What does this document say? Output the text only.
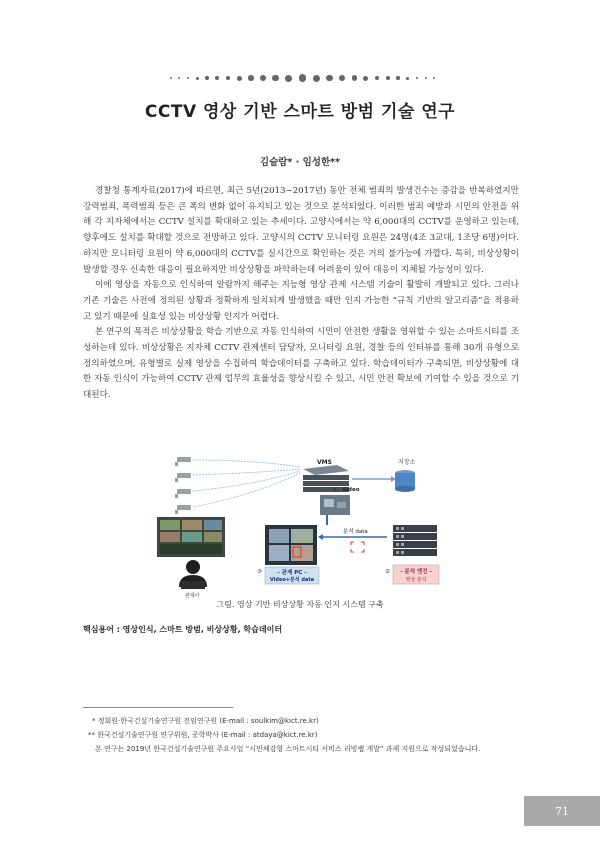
CCTV 영상 기반 스마트 방범 기술 연구
김슬람* · 임성한**

경찰청 통계자료(2017)에 따르면, 최근 5년(2013~2017년) 동안 전체 범죄의 발생건수는 증감을 반복하였지만 강력범죄, 폭력범죄 등은 큰 폭의 변화 없이 유지되고 있는 것으로 분석되었다. 이러한 범죄 예방과 시민의 안전을 위해 각 지자체에서는 CCTV 설치를 확대하고 있는 추세이다. 고양시에서는 약 6,000대의 CCTV를 운영하고 있는데, 향후에도 설치를 확대할 것으로 전망하고 있다. 고양시의 CCTV 모니터링 요원은 24명(4조 3교대, 1조당 6명)이다. 하지만 모니터링 요원이 약 6,000대의 CCTV를 실시간으로 확인하는 것은 거의 불가능에 가깝다. 특히, 비상상황이 발생할 경우 신속한 대응이 필요하지만 비상상황을 파악하는데 어려움이 있어 대응이 지체될 가능성이 있다.

이에 영상을 자동으로 인식하여 알람까지 해주는 지능형 영상 관제 시스템 기술이 활발히 개발되고 있다. 그러나 기존 기술은 사전에 정의된 상황과 정확하게 일치되게 발생했을 때만 인지 가능한 “규칙 기반의 알고리즘”을 적용하고 있기 때문에 실효성 있는 비상상황 인지가 어렵다.

본 연구의 목적은 비상상황을 학습 기반으로 자동 인식하여 시민이 안전한 생활을 영위할 수 있는 스마트시티를 조성하는데 있다. 비상상황은 지자체 CCTV 관제센터 담당자, 모니터링 요원, 경찰 등의 인터뷰를 통해 30개 유형으로 정의하였으며, 유형별로 실제 영상을 수집하여 학습데이터를 구축하고 있다. 학습데이터가 구축되면, 비상상황에 대한 자동 인식이 가능하여 CCTV 관제 업무의 효율성을 향상시킬 수 있고, 시민 안전 확보에 기여할 수 있을 것으로 기대된다.

VMS	저장소
① Video
분석 data
관제사
③	- 관제 PC -
Video+분석 data
② - 분석 엔진 -
영상 분석
그림. 영상 기반 비상상황 자동 인지 시스템 구축
핵심용어 : 영상인식, 스마트 방범, 비상상황, 학습데이터
* 정회원·한국건설기술연구원 전임연구원 (E-mail : soulkim@kict.re.kr)
** 한국건설기술연구원 연구위원, 공학박사 (E-mail : atdaya@kict.re.kr)
본 연구는 2019년 한국건설기술연구원 주요사업 “시민체감형 스마트시티 서비스 리빙랩 개발” 과제 지원으로 작성되었습니다.
71
